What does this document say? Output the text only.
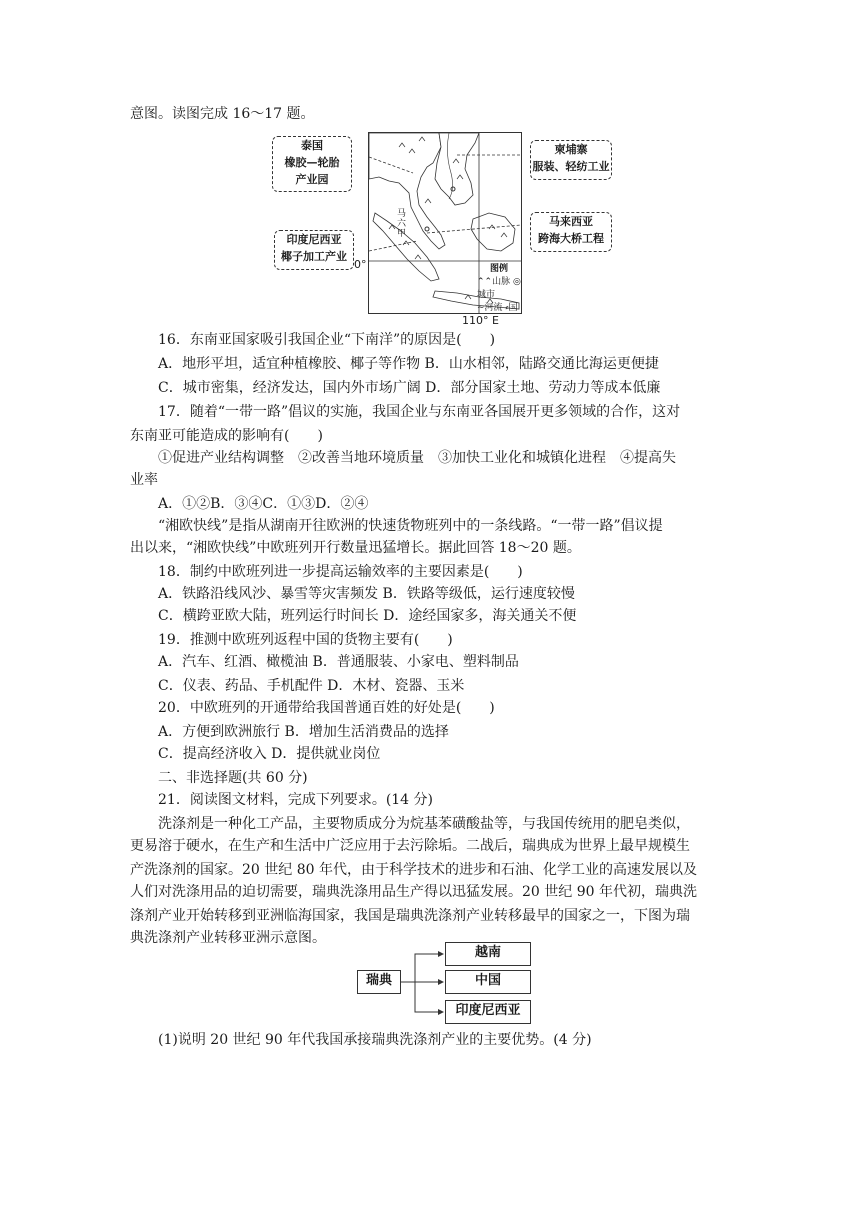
意图。读图完成 16～17 题。
马六甲
图例
⌃⌃山脉 ◎城市
∼河流 ⸗国
泰国
橡胶—轮胎
产业园
柬埔寨
服装、轻纺工业
马来西亚
跨海大桥工程
印度尼西亚
椰子加工产业
0°
110° E
16．东南亚国家吸引我国企业“下南洋”的原因是(　　)
A．地形平坦，适宜种植橡胶、椰子等作物 B．山水相邻，陆路交通比海运更便捷
C．城市密集，经济发达，国内外市场广阔 D．部分国家土地、劳动力等成本低廉
17．随着“一带一路”倡议的实施，我国企业与东南亚各国展开更多领域的合作，这对
东南亚可能造成的影响有(　　)
①促进产业结构调整　②改善当地环境质量　③加快工业化和城镇化进程　④提高失
业率
A．①②B．③④C．①③D．②④
“湘欧快线”是指从湖南开往欧洲的快速货物班列中的一条线路。“一带一路”倡议提
出以来，“湘欧快线”中欧班列开行数量迅猛增长。据此回答 18～20 题。
18．制约中欧班列进一步提高运输效率的主要因素是(　　)
A．铁路沿线风沙、暴雪等灾害频发 B．铁路等级低，运行速度较慢
C．横跨亚欧大陆，班列运行时间长 D．途经国家多，海关通关不便
19．推测中欧班列返程中国的货物主要有(　　)
A．汽车、红酒、橄榄油 B．普通服装、小家电、塑料制品
C．仪表、药品、手机配件 D．木材、瓷器、玉米
20．中欧班列的开通带给我国普通百姓的好处是(　　)
A．方便到欧洲旅行 B．增加生活消费品的选择
C．提高经济收入 D．提供就业岗位
二、非选择题(共 60 分)
21．阅读图文材料，完成下列要求。(14 分)
洗涤剂是一种化工产品，主要物质成分为烷基苯磺酸盐等，与我国传统用的肥皂类似，
更易溶于硬水，在生产和生活中广泛应用于去污除垢。二战后，瑞典成为世界上最早规模生
产洗涤剂的国家。20 世纪 80 年代，由于科学技术的进步和石油、化学工业的高速发展以及
人们对洗涤用品的迫切需要，瑞典洗涤用品生产得以迅猛发展。20 世纪 90 年代初，瑞典洗
涤剂产业开始转移到亚洲临海国家，我国是瑞典洗涤剂产业转移最早的国家之一，下图为瑞
典洗涤剂产业转移亚洲示意图。
瑞典
越南
中国
印度尼西亚
(1)说明 20 世纪 90 年代我国承接瑞典洗涤剂产业的主要优势。(4 分)
